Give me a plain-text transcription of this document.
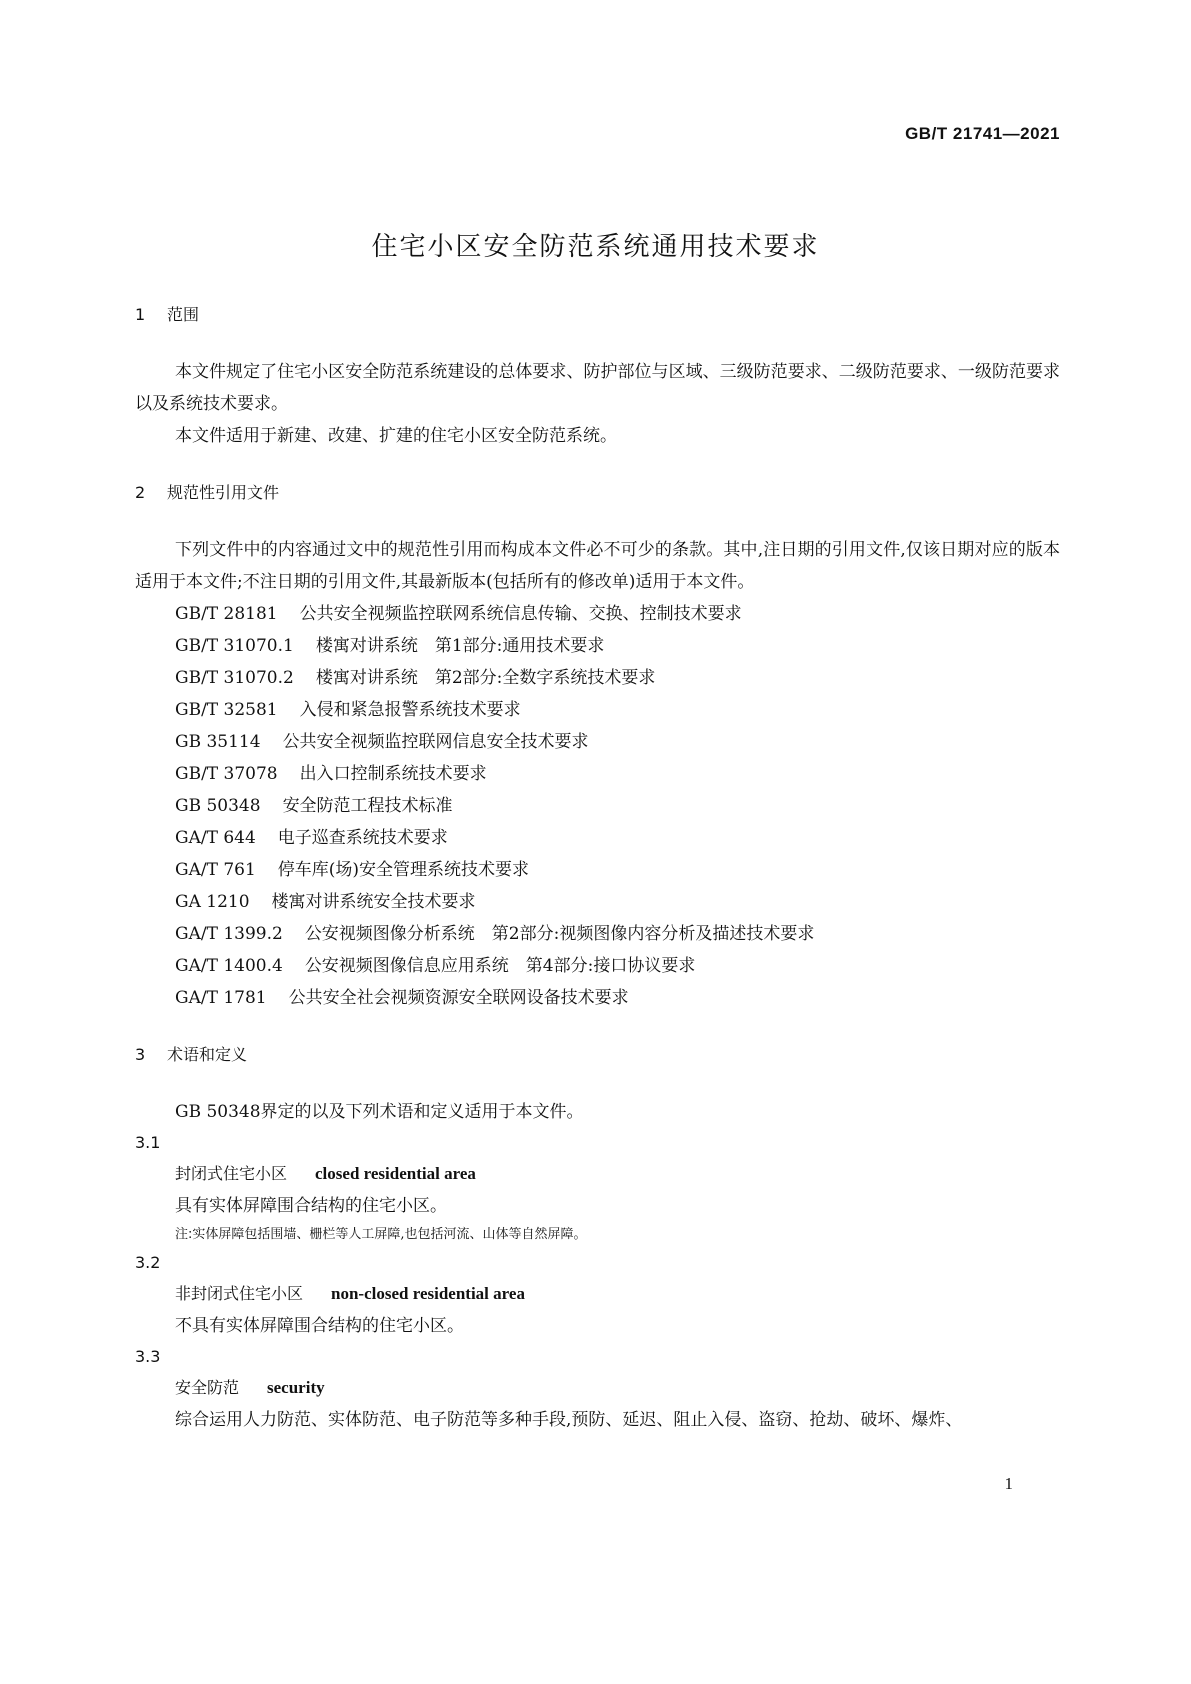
GB/T 21741—2021
住宅小区安全防范系统通用技术要求
1 范围
本文件规定了住宅小区安全防范系统建设的总体要求、防护部位与区域、三级防范要求、二级防范要求、一级防范要求以及系统技术要求。
本文件适用于新建、改建、扩建的住宅小区安全防范系统。
2 规范性引用文件
下列文件中的内容通过文中的规范性引用而构成本文件必不可少的条款。其中,注日期的引用文件,仅该日期对应的版本适用于本文件;不注日期的引用文件,其最新版本(包括所有的修改单)适用于本文件。
GB/T 28181 公共安全视频监控联网系统信息传输、交换、控制技术要求
GB/T 31070.1 楼寓对讲系统　第1部分:通用技术要求
GB/T 31070.2 楼寓对讲系统　第2部分:全数字系统技术要求
GB/T 32581 入侵和紧急报警系统技术要求
GB 35114 公共安全视频监控联网信息安全技术要求
GB/T 37078 出入口控制系统技术要求
GB 50348 安全防范工程技术标准
GA/T 644 电子巡查系统技术要求
GA/T 761 停车库(场)安全管理系统技术要求
GA 1210 楼寓对讲系统安全技术要求
GA/T 1399.2 公安视频图像分析系统　第2部分:视频图像内容分析及描述技术要求
GA/T 1400.4 公安视频图像信息应用系统　第4部分:接口协议要求
GA/T 1781 公共安全社会视频资源安全联网设备技术要求
3 术语和定义
GB 50348界定的以及下列术语和定义适用于本文件。
3.1
封闭式住宅小区 closed residential area
具有实体屏障围合结构的住宅小区。
注:实体屏障包括围墙、栅栏等人工屏障,也包括河流、山体等自然屏障。
3.2
非封闭式住宅小区 non-closed residential area
不具有实体屏障围合结构的住宅小区。
3.3
安全防范 security
综合运用人力防范、实体防范、电子防范等多种手段,预防、延迟、阻止入侵、盗窃、抢劫、破坏、爆炸、
1
